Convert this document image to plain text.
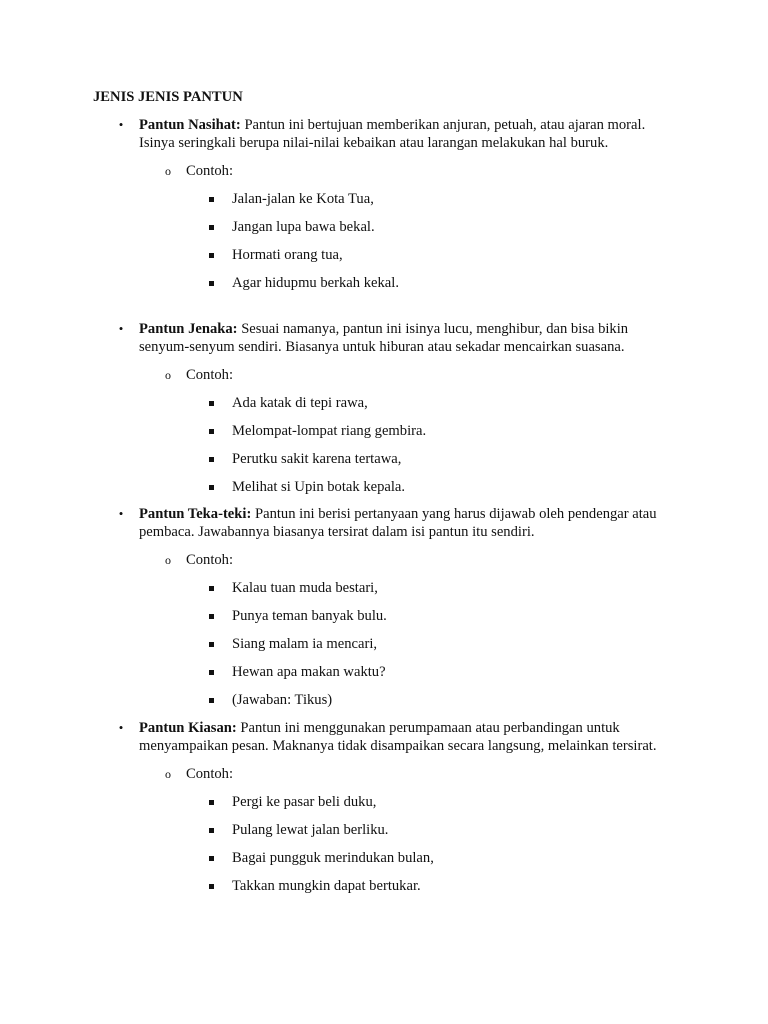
JENIS JENIS PANTUN
• Pantun Nasihat: Pantun ini bertujuan memberikan anjuran, petuah, atau ajaran moral. Isinya seringkali berupa nilai-nilai kebaikan atau larangan melakukan hal buruk.
o Contoh:
Jalan-jalan ke Kota Tua,
Jangan lupa bawa bekal.
Hormati orang tua,
Agar hidupmu berkah kekal.
• Pantun Jenaka: Sesuai namanya, pantun ini isinya lucu, menghibur, dan bisa bikin senyum-senyum sendiri. Biasanya untuk hiburan atau sekadar mencairkan suasana.
o Contoh:
Ada katak di tepi rawa,
Melompat-lompat riang gembira.
Perutku sakit karena tertawa,
Melihat si Upin botak kepala.
• Pantun Teka-teki: Pantun ini berisi pertanyaan yang harus dijawab oleh pendengar atau pembaca. Jawabannya biasanya tersirat dalam isi pantun itu sendiri.
o Contoh:
Kalau tuan muda bestari,
Punya teman banyak bulu.
Siang malam ia mencari,
Hewan apa makan waktu?
(Jawaban: Tikus)
• Pantun Kiasan: Pantun ini menggunakan perumpamaan atau perbandingan untuk menyampaikan pesan. Maknanya tidak disampaikan secara langsung, melainkan tersirat.
o Contoh:
Pergi ke pasar beli duku,
Pulang lewat jalan berliku.
Bagai pungguk merindukan bulan,
Takkan mungkin dapat bertukar.
